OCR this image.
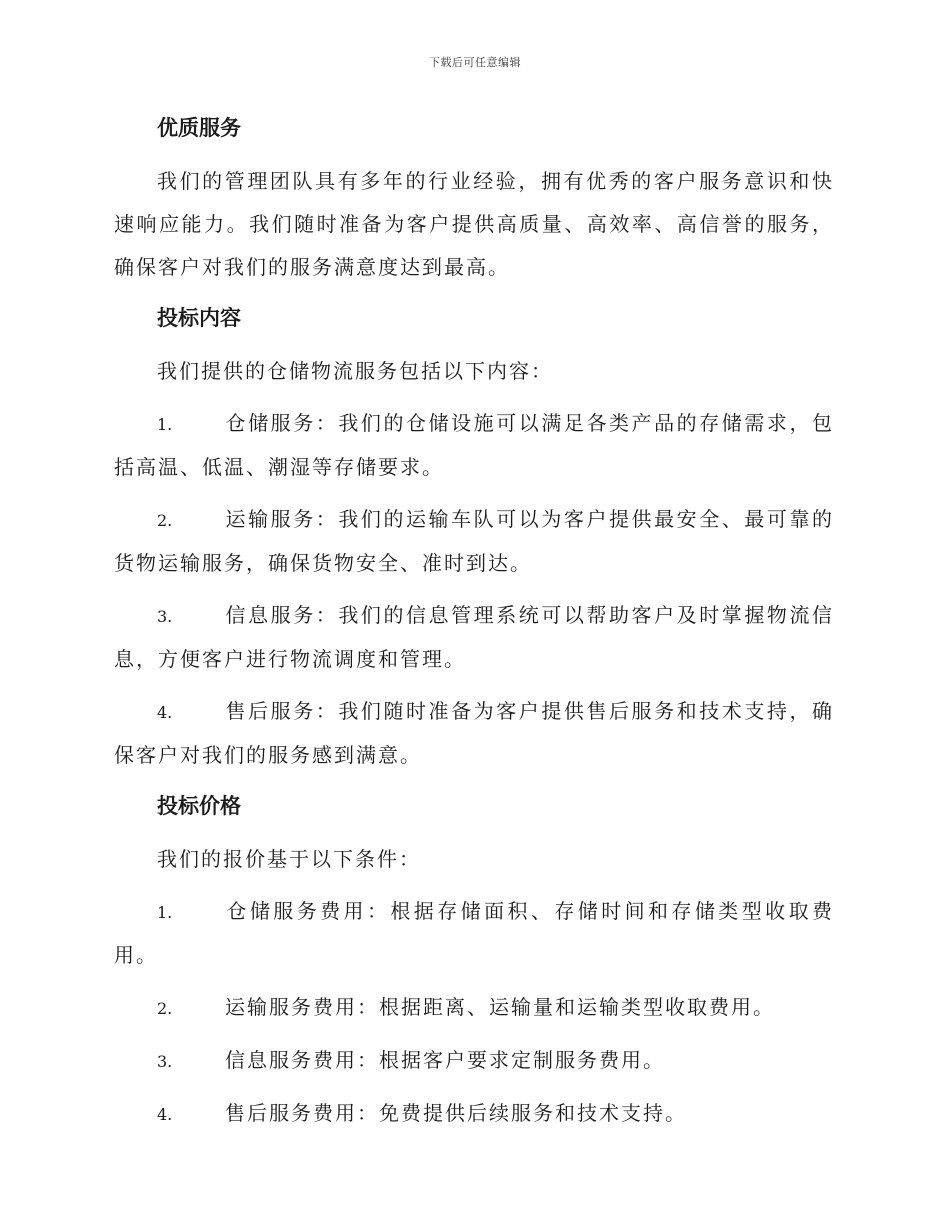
下载后可任意编辑
优质服务

我们的管理团队具有多年的行业经验，拥有优秀的客户服务意识和快速响应能力。我们随时准备为客户提供高质量、高效率、高信誉的服务，确保客户对我们的服务满意度达到最高。

投标内容

我们提供的仓储物流服务包括以下内容：

1.	仓储服务：我们的仓储设施可以满足各类产品的存储需求，包括高温、低温、潮湿等存储要求。
2.	运输服务：我们的运输车队可以为客户提供最安全、最可靠的货物运输服务，确保货物安全、准时到达。
3.	信息服务：我们的信息管理系统可以帮助客户及时掌握物流信息，方便客户进行物流调度和管理。
4.	售后服务：我们随时准备为客户提供售后服务和技术支持，确保客户对我们的服务感到满意。
投标价格

我们的报价基于以下条件：

1.	仓储服务费用：根据存储面积、存储时间和存储类型收取费用。
2.	运输服务费用：根据距离、运输量和运输类型收取费用。
3.	信息服务费用：根据客户要求定制服务费用。
4.	售后服务费用：免费提供后续服务和技术支持。
